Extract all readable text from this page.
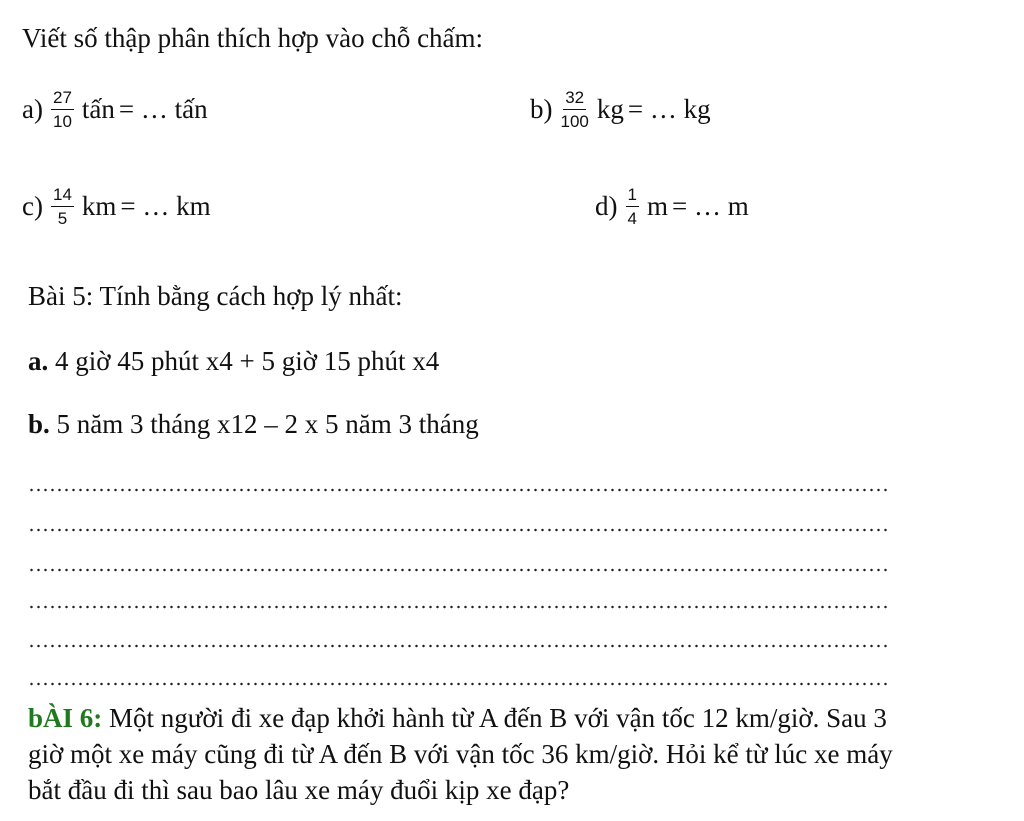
Viết số thập phân thích hợp vào chỗ chấm:
$a) \frac{27}{10}$ tấn = … tấn	$b) \frac{32}{100}$ kg = … kg
$c) \frac{14}{5}$ km = … km	$d) \frac{1}{4}$ m = … m
Bài 5: Tính bằng cách hợp lý nhất:
a. 4 giờ 45 phút x4 + 5 giờ 15 phút x4
b. 5 năm 3 tháng x12 – 2 x 5 năm 3 tháng
bÀI 6: Một người đi xe đạp khởi hành từ A đến B với vận tốc 12 km/giờ. Sau 3 giờ một xe máy cũng đi từ A đến B với vận tốc 36 km/giờ. Hỏi kể từ lúc xe máy bắt đầu đi thì sau bao lâu xe máy đuổi kịp xe đạp?
